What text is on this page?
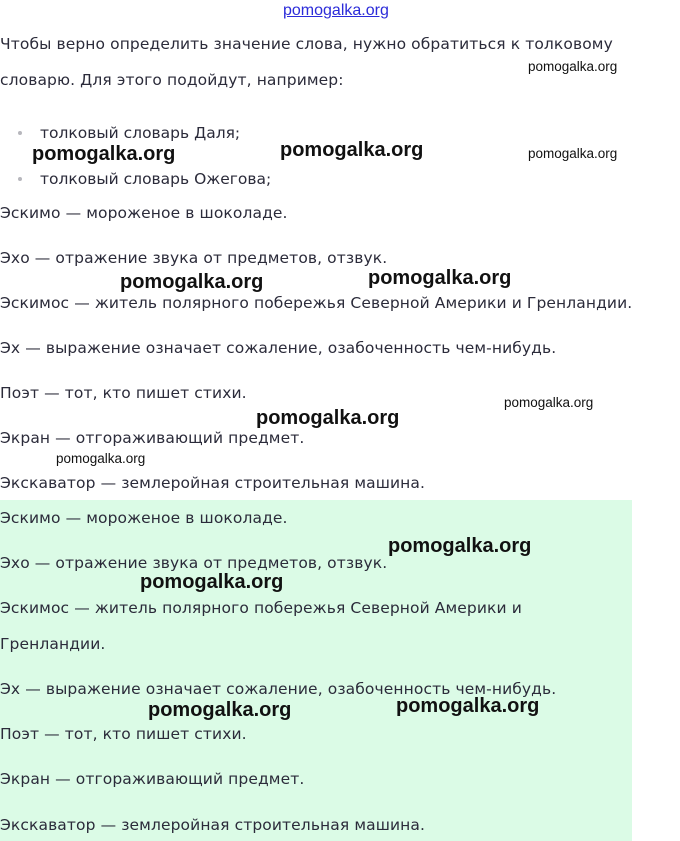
pomogalka.org
Чтобы верно определить значение слова, нужно обратиться к толковому
словарю. Для этого подойдут, например:
толковый словарь Даля;
толковый словарь Ожегова;
Эскимо — мороженое в шоколаде.
Эхо — отражение звука от предметов, отзвук.
Эскимос — житель полярного побережья Северной Америки и Гренландии.
Эх — выражение означает сожаление, озабоченность чем-нибудь.
Поэт — тот, кто пишет стихи.
Экран — отгораживающий предмет.
Экскаватор — землеройная строительная машина.
Эскимо — мороженое в шоколаде.
Эхо — отражение звука от предметов, отзвук.
Эскимос — житель полярного побережья Северной Америки и
Гренландии.
Эх — выражение означает сожаление, озабоченность чем-нибудь.
Поэт — тот, кто пишет стихи.
Экран — отгораживающий предмет.
Экскаватор — землеройная строительная машина.
pomogalka.org
pomogalka.org	pomogalka.org	pomogalka.org
pomogalka.org	pomogalka.org
pomogalka.org
pomogalka.org
pomogalka.org
pomogalka.org
pomogalka.org
pomogalka.org	pomogalka.org
